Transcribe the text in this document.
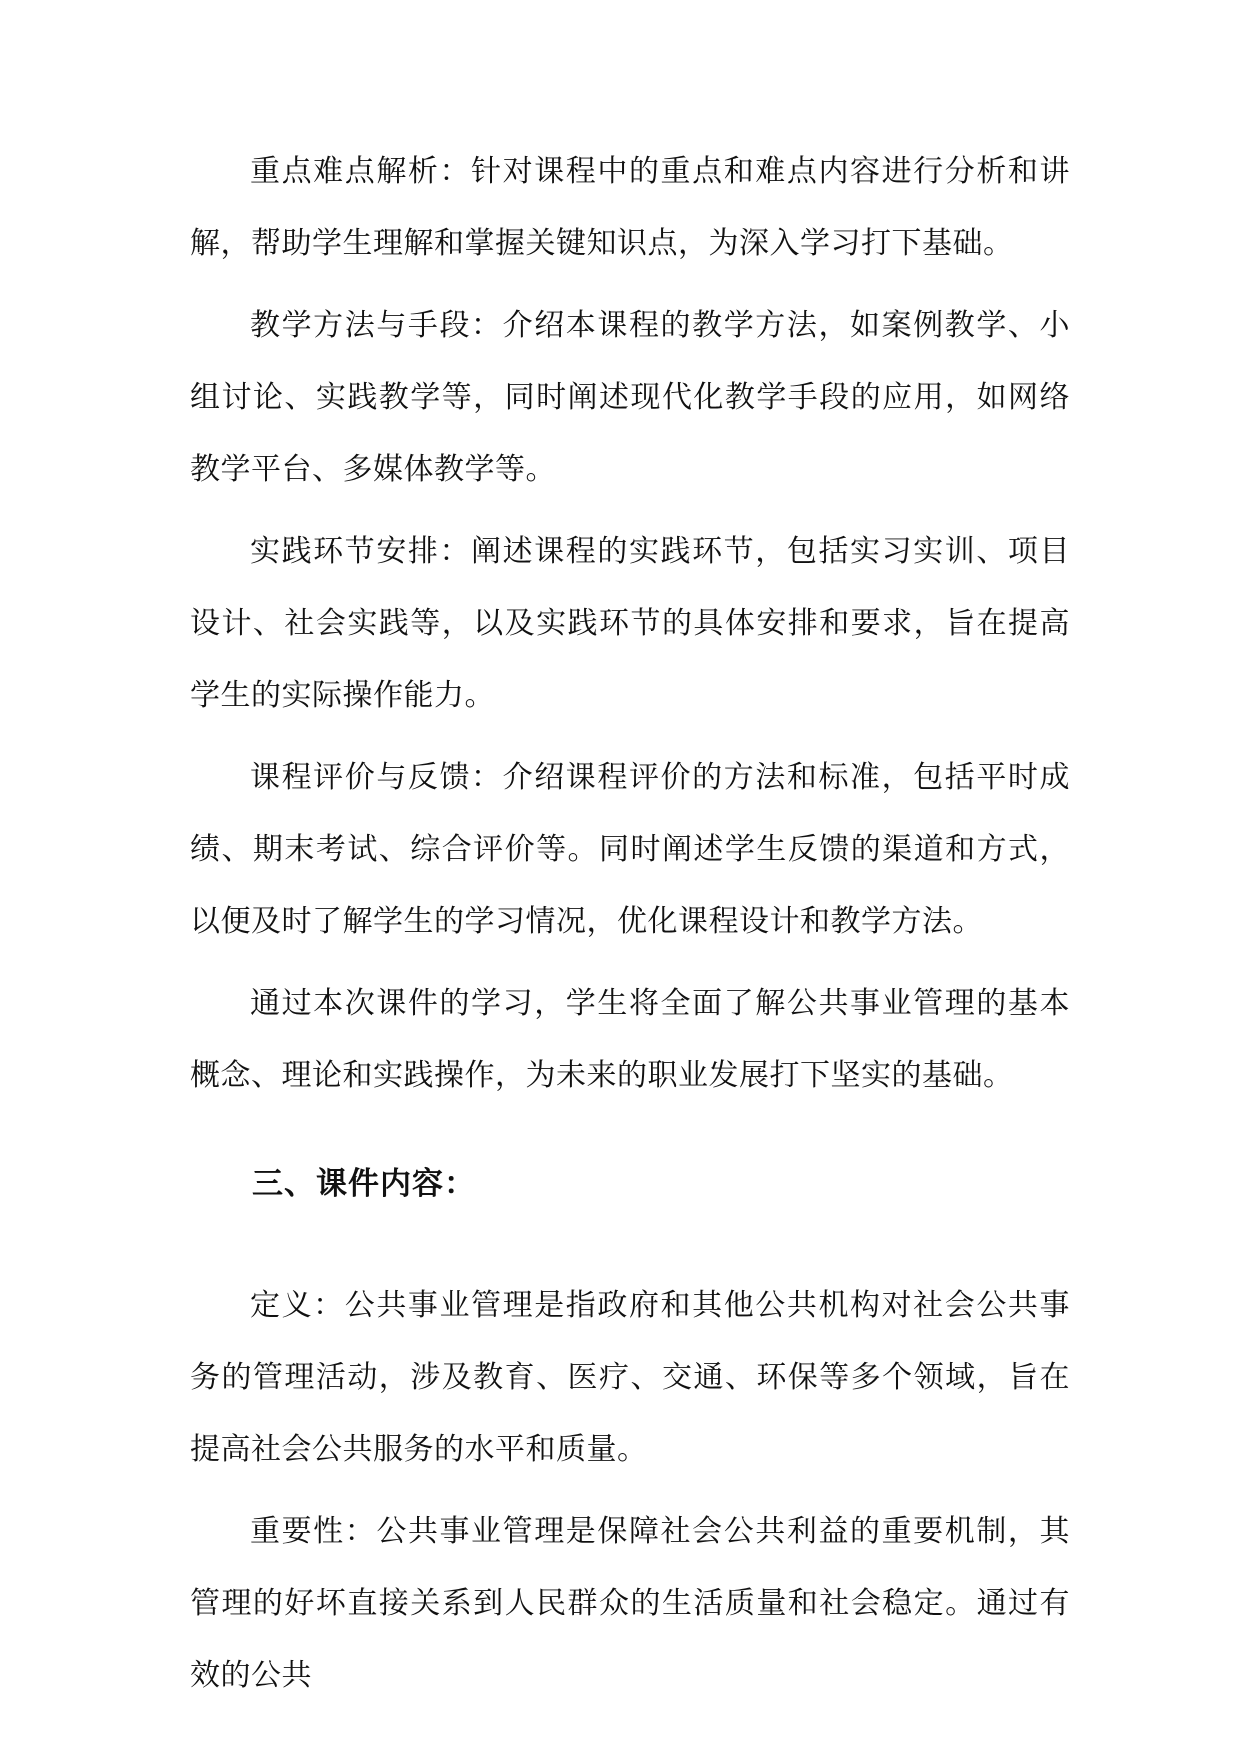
重点难点解析：针对课程中的重点和难点内容进行分析和讲解，帮助学生理解和掌握关键知识点，为深入学习打下基础。

教学方法与手段：介绍本课程的教学方法，如案例教学、小组讨论、实践教学等，同时阐述现代化教学手段的应用，如网络教学平台、多媒体教学等。

实践环节安排：阐述课程的实践环节，包括实习实训、项目设计、社会实践等，以及实践环节的具体安排和要求，旨在提高学生的实际操作能力。

课程评价与反馈：介绍课程评价的方法和标准，包括平时成绩、期末考试、综合评价等。同时阐述学生反馈的渠道和方式，以便及时了解学生的学习情况，优化课程设计和教学方法。

通过本次课件的学习，学生将全面了解公共事业管理的基本概念、理论和实践操作，为未来的职业发展打下坚实的基础。

三、课件内容：

定义：公共事业管理是指政府和其他公共机构对社会公共事务的管理活动，涉及教育、医疗、交通、环保等多个领域，旨在提高社会公共服务的水平和质量。

重要性：公共事业管理是保障社会公共利益的重要机制，其管理的好坏直接关系到人民群众的生活质量和社会稳定。通过有效的公共
